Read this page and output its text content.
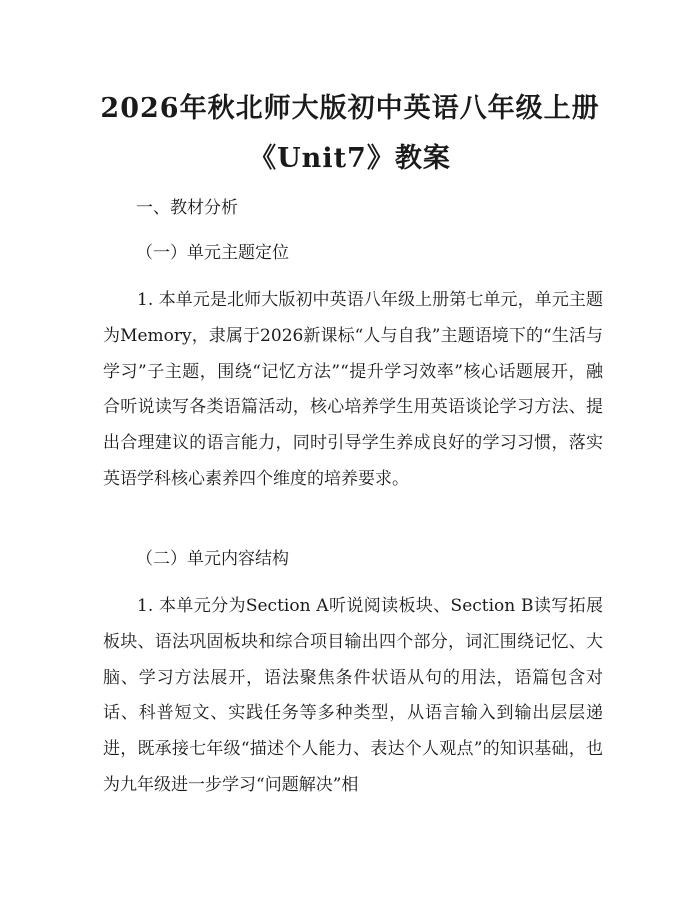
2026年秋北师大版初中英语八年级上册
《Unit7》教案
一、教材分析
（一）单元主题定位

1. 本单元是北师大版初中英语八年级上册第七单元，单元主题为Memory，隶属于2026新课标“人与自我”主题语境下的“生活与学习”子主题，围绕“记忆方法”“提升学习效率”核心话题展开，融合听说读写各类语篇活动，核心培养学生用英语谈论学习方法、提出合理建议的语言能力，同时引导学生养成良好的学习习惯，落实英语学科核心素养四个维度的培养要求。

（二）单元内容结构

1. 本单元分为Section A听说阅读板块、Section B读写拓展板块、语法巩固板块和综合项目输出四个部分，词汇围绕记忆、大脑、学习方法展开，语法聚焦条件状语从句的用法，语篇包含对话、科普短文、实践任务等多种类型，从语言输入到输出层层递进，既承接七年级“描述个人能力、表达个人观点”的知识基础，也为九年级进一步学习“问题解决”相
